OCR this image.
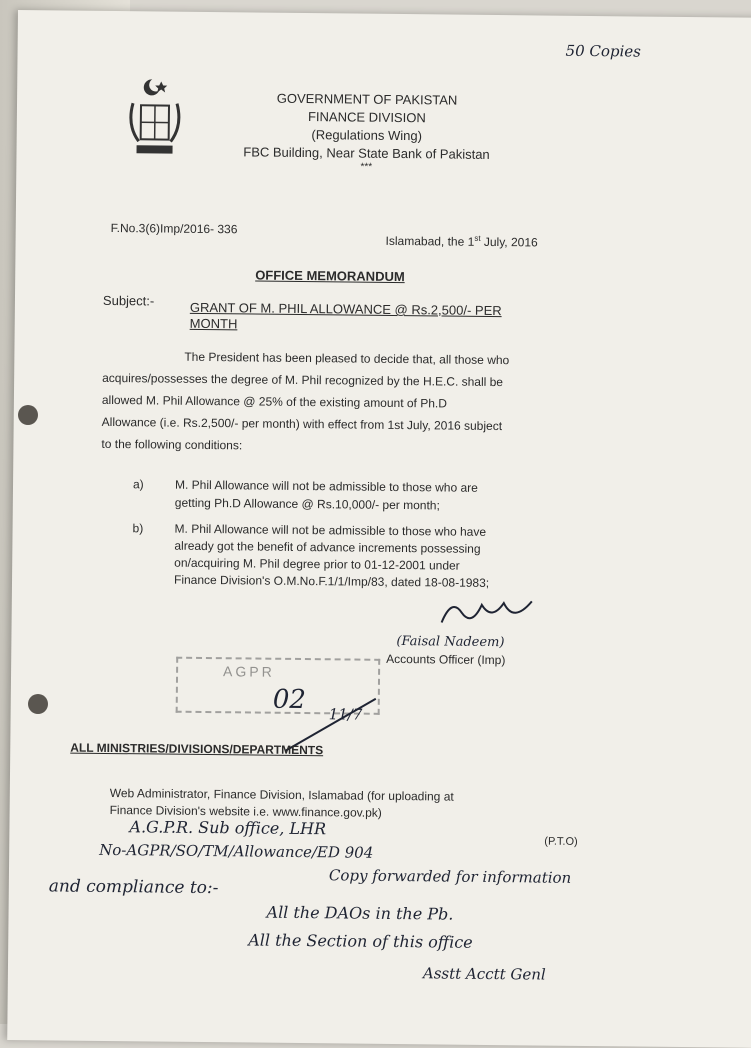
GOVERNMENT OF PAKISTAN
FINANCE DIVISION
(Regulations Wing)
FBC Building, Near State Bank of Pakistan
***
F.No.3(6)Imp/2016- 336
Islamabad, the 1st July, 2016
OFFICE MEMORANDUM
Subject:-	GRANT OF M. PHIL ALLOWANCE @ Rs.2,500/- PER
MONTH
The President has been pleased to decide that, all those who
acquires/possesses the degree of M. Phil recognized by the H.E.C. shall be
allowed M. Phil Allowance @ 25% of the existing amount of Ph.D
Allowance (i.e. Rs.2,500/- per month) with effect from 1st July, 2016 subject
to the following conditions:
a)	M. Phil Allowance will not be admissible to those who are
getting Ph.D Allowance @ Rs.10,000/- per month;
b)	M. Phil Allowance will not be admissible to those who have
already got the benefit of advance increments possessing
on/acquiring M. Phil degree prior to 01-12-2001 under
Finance Division's O.M.No.F.1/1/Imp/83, dated 18-08-1983;
(Faisal Nadeem)
Accounts Officer (Imp)
AGPR
02 11/7
ALL MINISTRIES/DIVISIONS/DEPARTMENTS
Web Administrator, Finance Division, Islamabad (for uploading at
Finance Division's website i.e. www.finance.gov.pk)
(P.T.O)
50 Copies
A.G.P.R. Sub office, LHR
No-AGPR/SO/TM/Allowance/ED 904
Copy forwarded for information
and compliance to:-
All the DAOs in the Pb.
All the Section of this office
Asstt Acctt Genl
